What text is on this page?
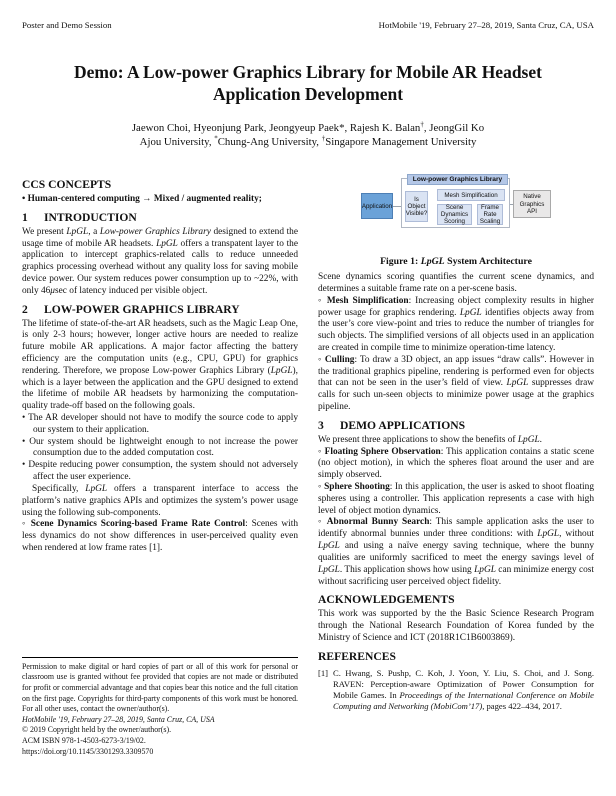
Poster and Demo Session	HotMobile '19, February 27–28, 2019, Santa Cruz, CA, USA
Demo: A Low-power Graphics Library for Mobile AR Headset Application Development
Jaewon Choi, Hyeonjung Park, Jeongyeup Paek*, Rajesh K. Balan†, JeongGil Ko
Ajou University, *Chung-Ang University, †Singapore Management University
CCS CONCEPTS
• Human-centered computing → Mixed / augmented reality;
1 INTRODUCTION
We present LpGL, a Low-power Graphics Library designed to extend the usage time of mobile AR headsets. LpGL offers a transpatent layer to the application to intercept graphics-related calls to reduce unneeded graphics processing overhead without any quality loss for saving mobile device power. Our system reduces power consumption up to ~22%, with only 46μsec of latency induced per visible object.
2 LOW-POWER GRAPHICS LIBRARY
The lifetime of state-of-the-art AR headsets, such as the Magic Leap One, is only 2-3 hours; however, longer active hours are needed to realize future mobile AR applications. A major factor affecting the battery efficiency are the computation units (e.g., CPU, GPU) for graphics rendering. Therefore, we propose Low-power Graphics Library (LpGL), which is a layer between the application and the GPU designed to extend the lifetime of mobile AR headsets by harmonizing the computation-quality trade-off based on the following goals.
• The AR developer should not have to modify the source code to apply our system to their application.
• Our system should be lightweight enough to not increase the power consumption due to the added computation cost.
• Despite reducing power consumption, the system should not adversely affect the user experience.
Specifically, LpGL offers a transparent interface to access the platform’s native graphics APIs and optimizes the system’s power usage using the following sub-components.
◦ Scene Dynamics Scoring-based Frame Rate Control: Scenes with less dynamics do not show differences in user-perceived quality even when rendered at low frame rates [1].
Permission to make digital or hard copies of part or all of this work for personal or classroom use is granted without fee provided that copies are not made or distributed for profit or commercial advantage and that copies bear this notice and the full citation on the first page. Copyrights for third-party components of this work must be honored. For all other uses, contact the owner/author(s).
HotMobile '19, February 27–28, 2019, Santa Cruz, CA, USA
© 2019 Copyright held by the owner/author(s).
ACM ISBN 978-1-4503-6273-3/19/02.
https://doi.org/10.1145/3301293.3309570
Low-power Graphics Library
Application
Is Object Visible?
Mesh Simplification
Scene Dynamics Scoring
Frame Rate Scaling
Native Graphics API
Figure 1: LpGL System Architecture
Scene dynamics scoring quantifies the current scene dynamics, and determines a suitable frame rate on a per-scene basis.
◦ Mesh Simplification: Increasing object complexity results in higher power usage for graphics rendering. LpGL identifies objects away from the user’s core view-point and tries to reduce the number of triangles for such objects. The simplified versions of all objects used in an application are created in compile time to minimize operation-time latency.
◦ Culling: To draw a 3D object, an app issues “draw calls”. However in the traditional graphics pipeline, rendering is performed even for objects that can not be seen in the user’s field of view. LpGL suppresses draw calls for such un-seen objects to minimize power usage at the graphics pipeline.
3 DEMO APPLICATIONS
We present three applications to show the benefits of LpGL.
◦ Floating Sphere Observation: This application contains a static scene (no object motion), in which the spheres float around the user and are simply observed.
◦ Sphere Shooting: In this application, the user is asked to shoot floating spheres using a controller. This application represents a case with high level of object motion dynamics.
◦ Abnormal Bunny Search: This sample application asks the user to identify abnormal bunnies under three conditions: with LpGL, without LpGL and using a naïve energy saving technique, where the bunny qualities are uniformly sacrificed to meet the energy savings level of LpGL. This application shows how using LpGL can minimize energy cost without sacrificing user perceived object fidelity.
ACKNOWLEDGEMENTS
This work was supported by the the Basic Science Research Program through the National Research Foundation of Korea funded by the Ministry of Science and ICT (2018R1C1B6003869).
REFERENCES
[1] C. Hwang, S. Pushp, C. Koh, J. Yoon, Y. Liu, S. Choi, and J. Song. RAVEN: Perception-aware Optimization of Power Consumption for Mobile Games. In Proceedings of the International Conference on Mobile Computing and Networking (MobiCom’17), pages 422–434, 2017.
